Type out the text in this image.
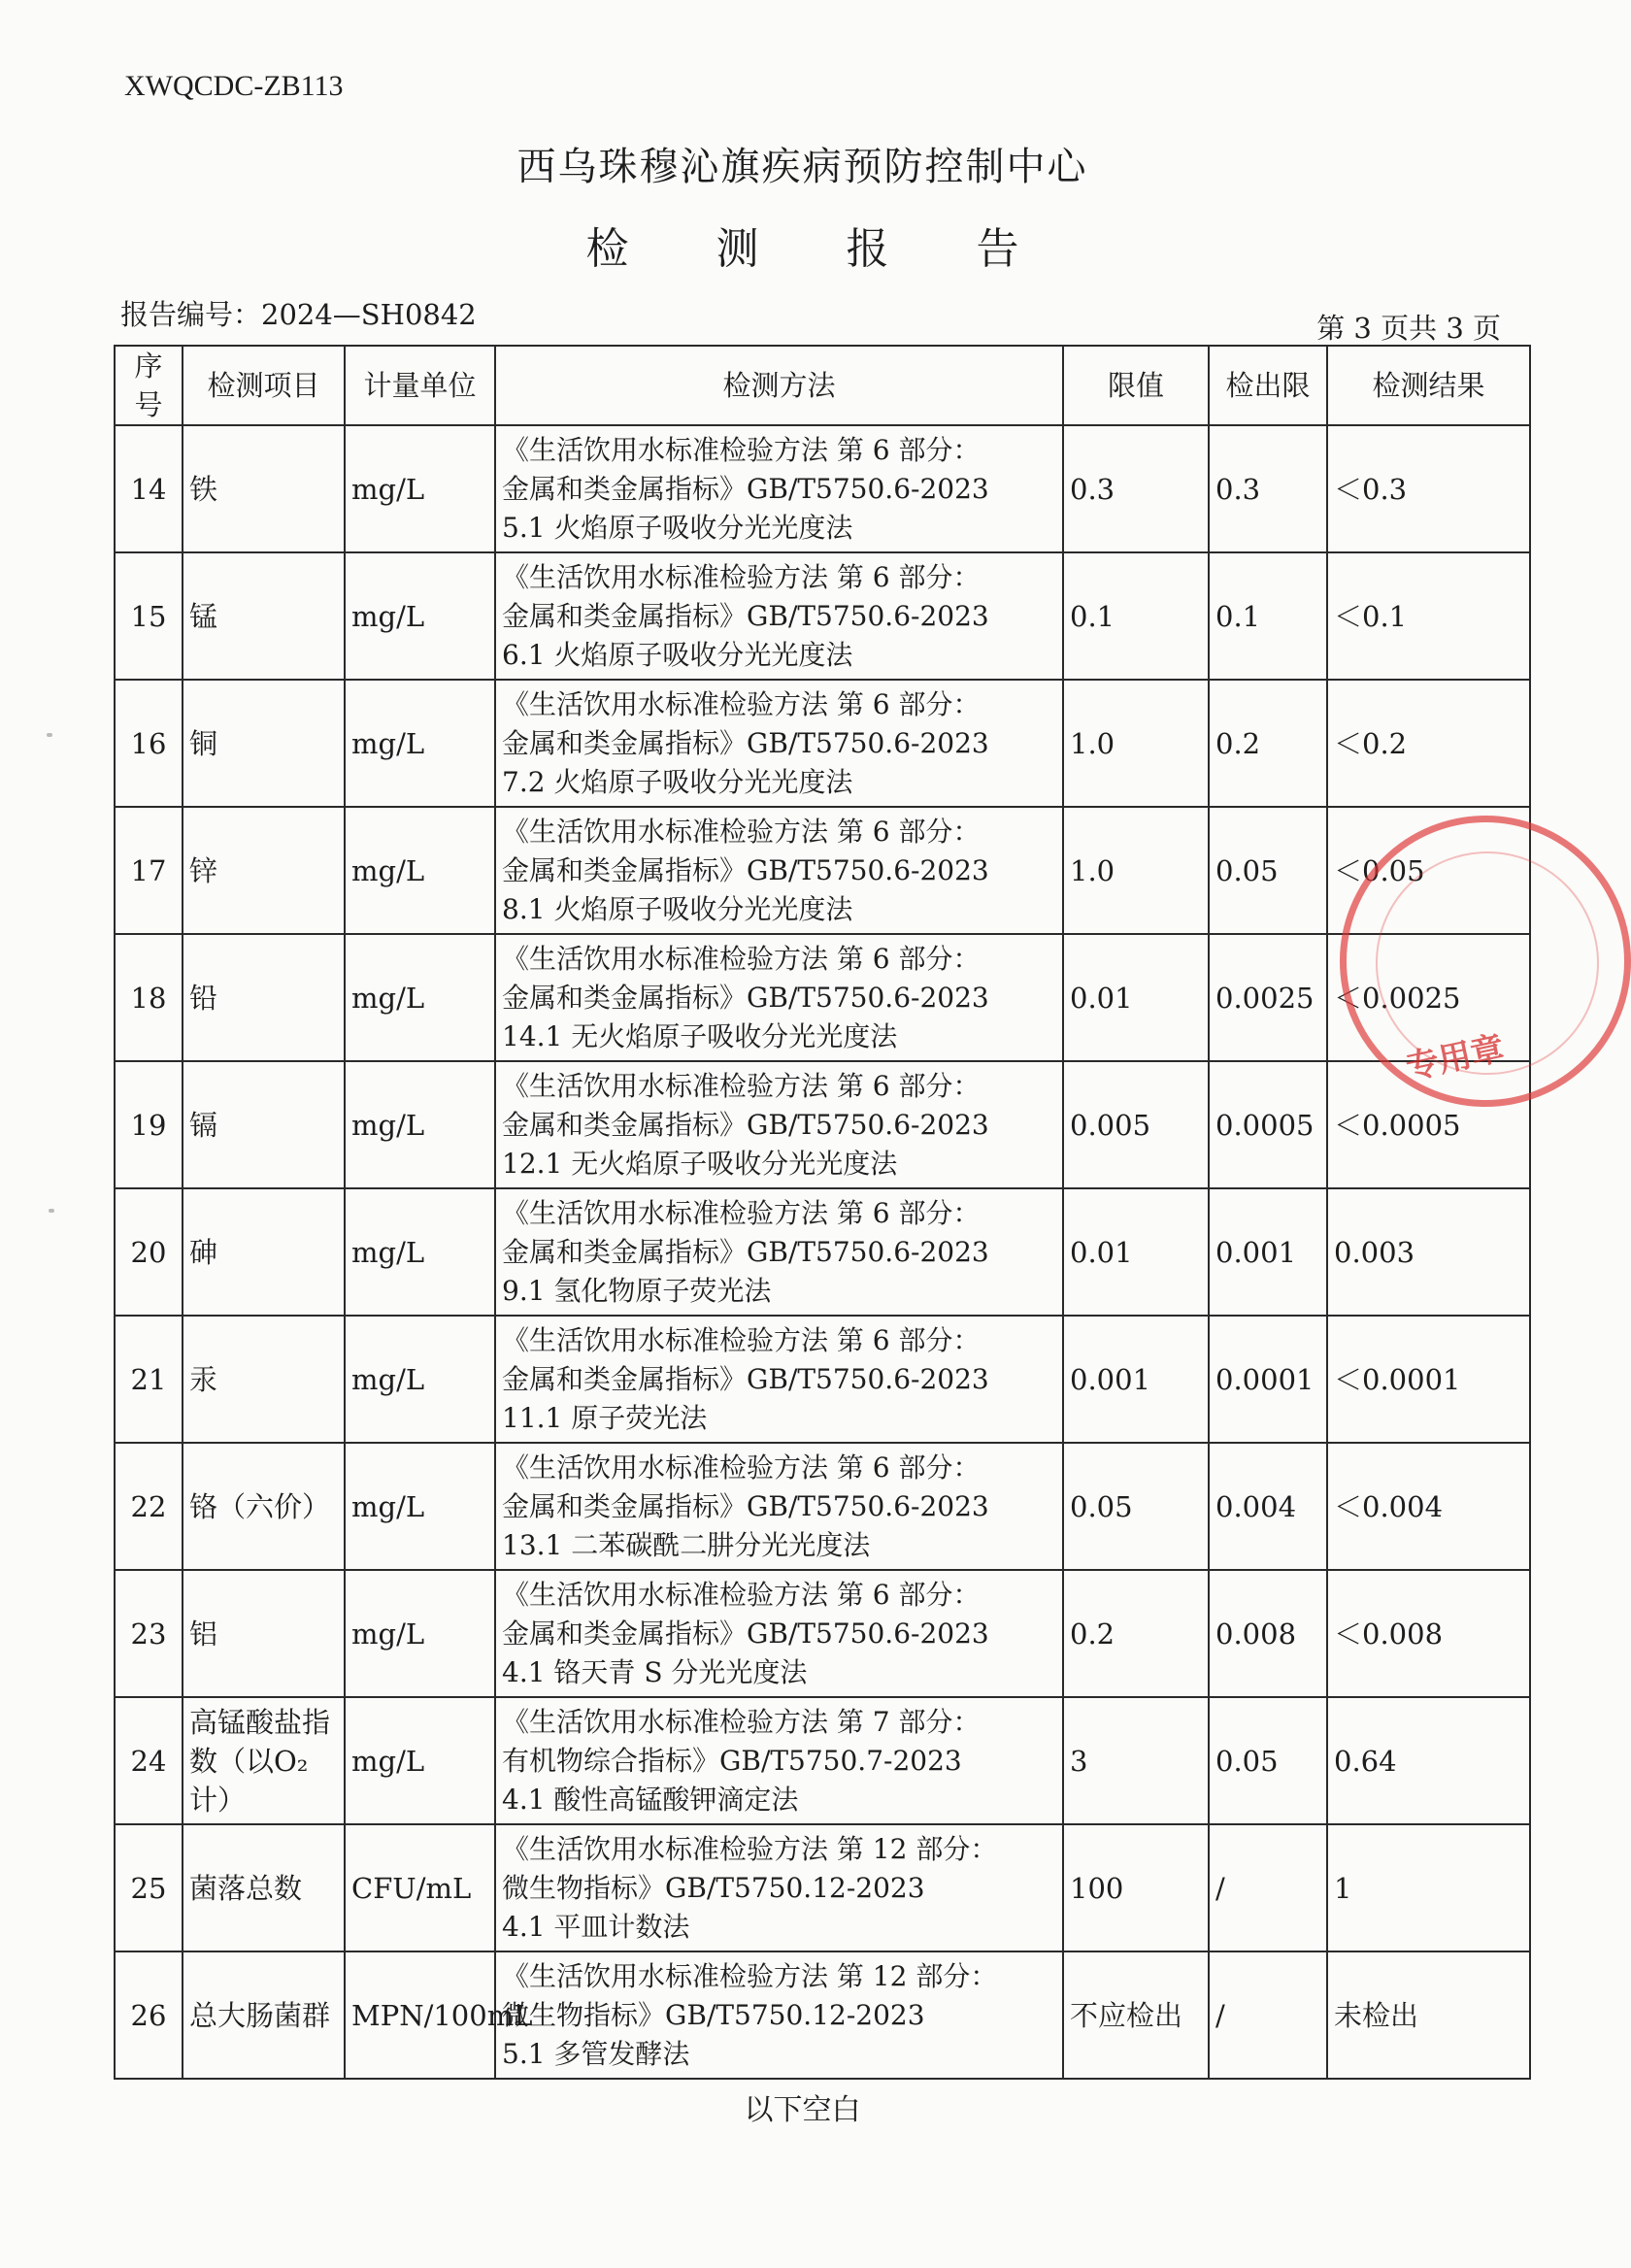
XWQCDC-ZB113
西乌珠穆沁旗疾病预防控制中心
检 测 报 告
报告编号：2024—SH0842	第 3 页共 3 页
序号	检测项目	计量单位	检测方法	限值	检出限	检测结果
14	铁	mg/L	《生活饮用水标准检验方法 第 6 部分：
金属和类金属指标》GB/T5750.6-2023
5.1 火焰原子吸收分光光度法	0.3	0.3	＜0.3
15	锰	mg/L	《生活饮用水标准检验方法 第 6 部分：
金属和类金属指标》GB/T5750.6-2023
6.1 火焰原子吸收分光光度法	0.1	0.1	＜0.1
16	铜	mg/L	《生活饮用水标准检验方法 第 6 部分：
金属和类金属指标》GB/T5750.6-2023
7.2 火焰原子吸收分光光度法	1.0	0.2	＜0.2
17	锌	mg/L	《生活饮用水标准检验方法 第 6 部分：
金属和类金属指标》GB/T5750.6-2023
8.1 火焰原子吸收分光光度法	1.0	0.05	＜0.05
18	铅	mg/L	《生活饮用水标准检验方法 第 6 部分：
金属和类金属指标》GB/T5750.6-2023
14.1 无火焰原子吸收分光光度法	0.01	0.0025	＜0.0025
19	镉	mg/L	《生活饮用水标准检验方法 第 6 部分：
金属和类金属指标》GB/T5750.6-2023
12.1 无火焰原子吸收分光光度法	0.005	0.0005	＜0.0005
20	砷	mg/L	《生活饮用水标准检验方法 第 6 部分：
金属和类金属指标》GB/T5750.6-2023
9.1 氢化物原子荧光法	0.01	0.001	0.003
21	汞	mg/L	《生活饮用水标准检验方法 第 6 部分：
金属和类金属指标》GB/T5750.6-2023
11.1 原子荧光法	0.001	0.0001	＜0.0001
22	铬（六价）	mg/L	《生活饮用水标准检验方法 第 6 部分：
金属和类金属指标》GB/T5750.6-2023
13.1 二苯碳酰二肼分光光度法	0.05	0.004	＜0.004
23	铝	mg/L	《生活饮用水标准检验方法 第 6 部分：
金属和类金属指标》GB/T5750.6-2023
4.1 铬天青 S 分光光度法	0.2	0.008	＜0.008
24	高锰酸盐指数（以O₂计）	mg/L	《生活饮用水标准检验方法 第 7 部分：
有机物综合指标》GB/T5750.7-2023
4.1 酸性高锰酸钾滴定法	3	0.05	0.64
25	菌落总数	CFU/mL	《生活饮用水标准检验方法 第 12 部分：
微生物指标》GB/T5750.12-2023
4.1 平皿计数法	100	/	1
26	总大肠菌群	MPN/100mL	《生活饮用水标准检验方法 第 12 部分：
微生物指标》GB/T5750.12-2023
5.1 多管发酵法	不应检出	/	未检出
专用章
以下空白
